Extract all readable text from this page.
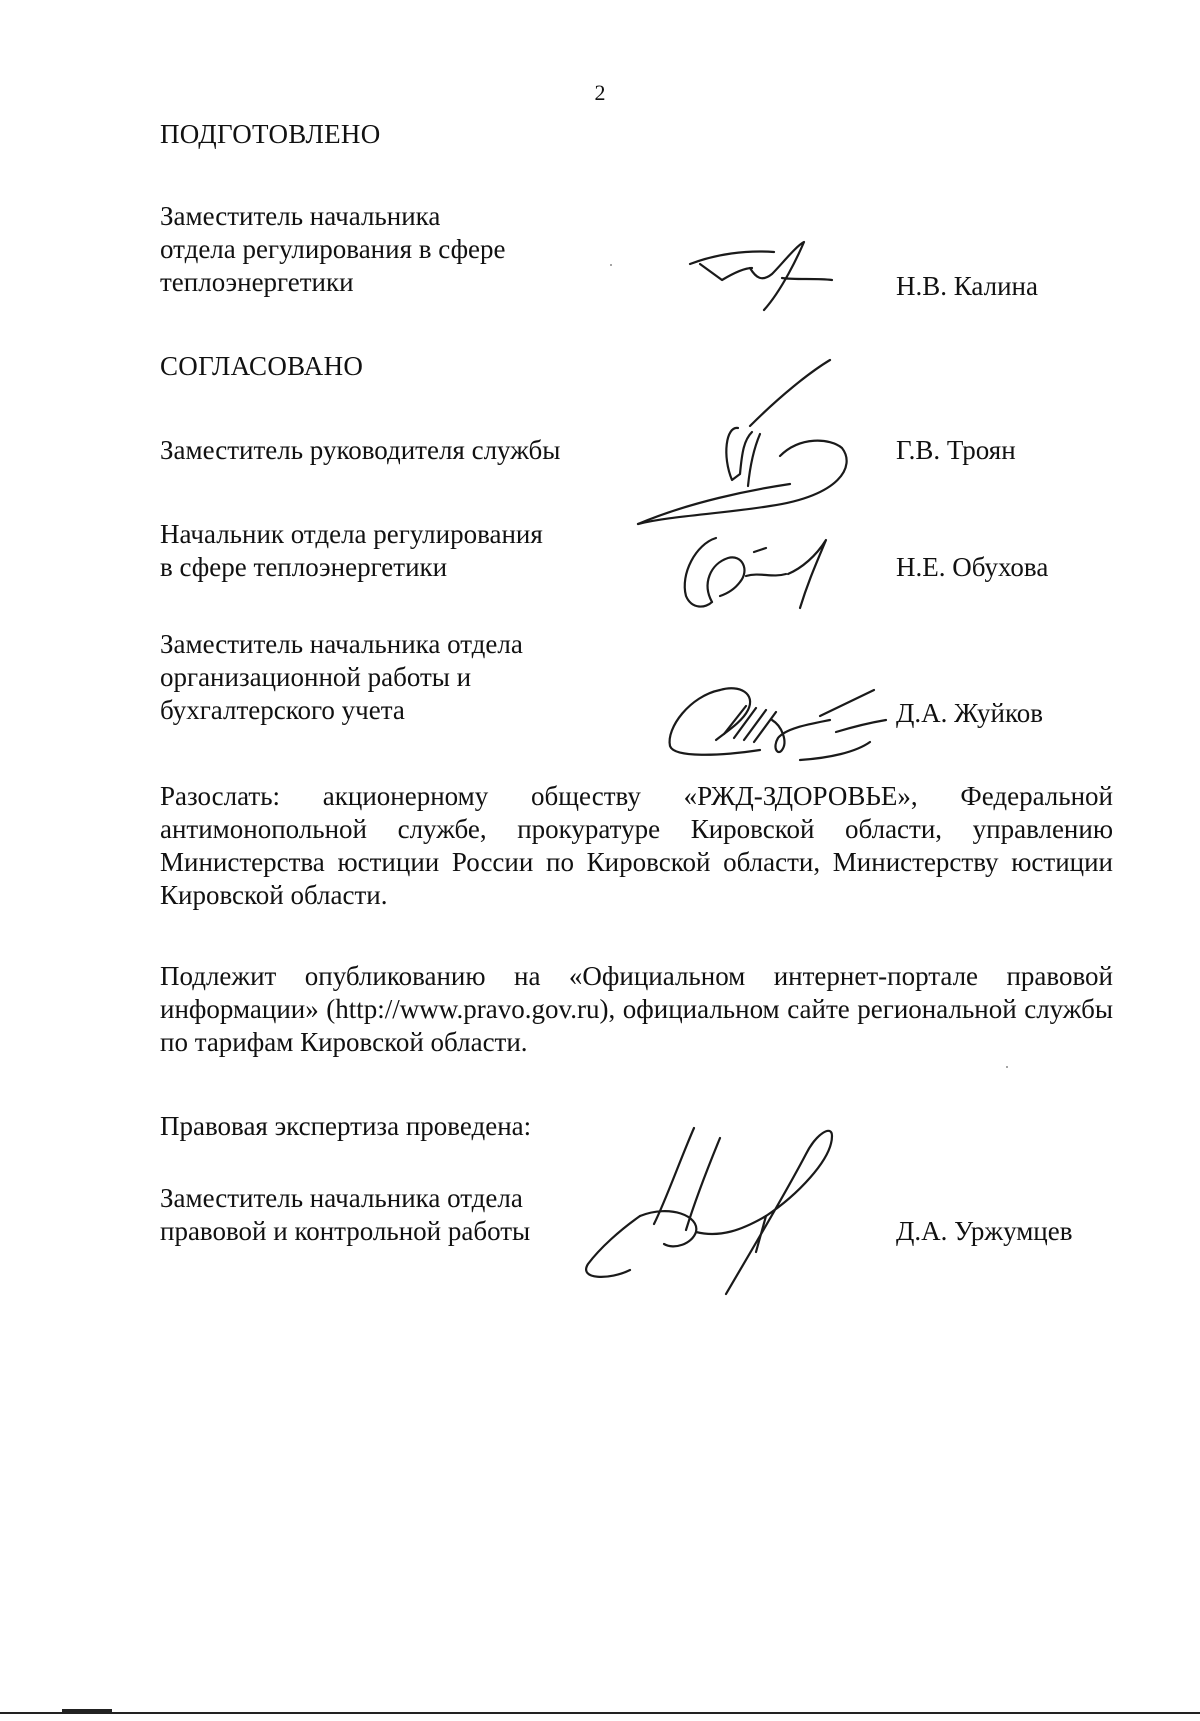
2
ПОДГОТОВЛЕНО
Заместитель начальника
отдела регулирования в сфере
теплоэнергетики	Н.В. Калина
СОГЛАСОВАНО
Заместитель руководителя службы	Г.В. Троян
Начальник отдела регулирования
в сфере теплоэнергетики	Н.Е. Обухова
Заместитель начальника отдела
организационной работы и
бухгалтерского учета	Д.А. Жуйков
Разослать: акционерному обществу «РЖД-ЗДОРОВЬЕ», Федеральной антимонопольной службе, прокуратуре Кировской области, управлению Министерства юстиции России по Кировской области, Министерству юстиции Кировской области.
Подлежит опубликованию на «Официальном интернет-портале правовой информации» (http://www.pravo.gov.ru), официальном сайте региональной службы по тарифам Кировской области.
Правовая экспертиза проведена:
Заместитель начальника отдела
правовой и контрольной работы	Д.А. Уржумцев
